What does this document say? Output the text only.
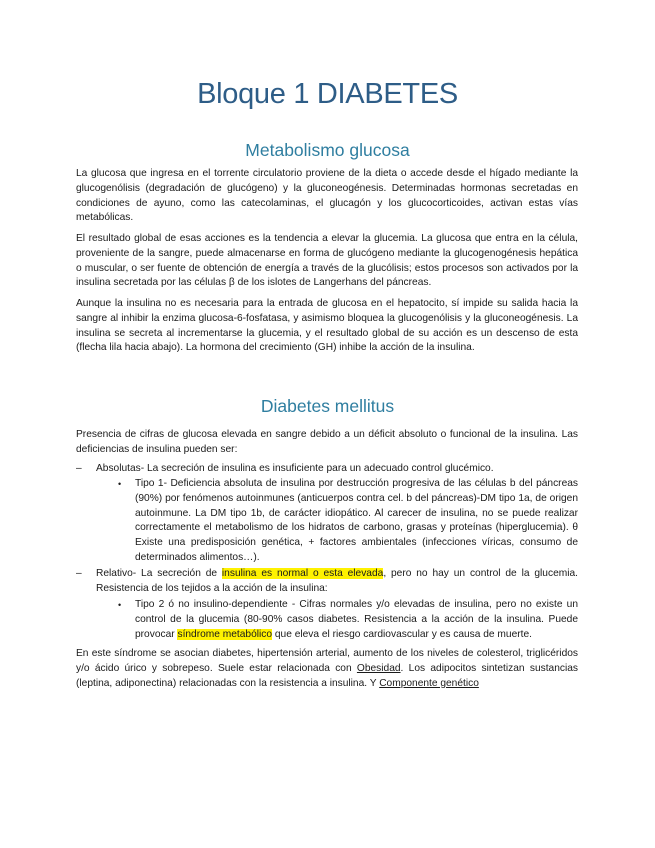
Bloque 1 DIABETES
Metabolismo glucosa

La glucosa que ingresa en el torrente circulatorio proviene de la dieta o accede desde el hígado mediante la glucogenólisis (degradación de glucógeno) y la gluconeogénesis. Determinadas hormonas secretadas en condiciones de ayuno, como las catecolaminas, el glucagón y los glucocorticoides, activan estas vías metabólicas.

El resultado global de esas acciones es la tendencia a elevar la glucemia. La glucosa que entra en la célula, proveniente de la sangre, puede almacenarse en forma de glucógeno mediante la glucogenogénesis hepática o muscular, o ser fuente de obtención de energía a través de la glucólisis; estos procesos son activados por la insulina secretada por las células β de los islotes de Langerhans del páncreas.

Aunque la insulina no es necesaria para la entrada de glucosa en el hepatocito, sí impide su salida hacia la sangre al inhibir la enzima glucosa-6-fosfatasa, y asimismo bloquea la glucogenólisis y la gluconeogénesis. La insulina se secreta al incrementarse la glucemia, y el resultado global de su acción es un descenso de esta (flecha lila hacia abajo). La hormona del crecimiento (GH) inhibe la acción de la insulina.

Diabetes mellitus

Presencia de cifras de glucosa elevada en sangre debido a un déficit absoluto o funcional de la insulina. Las deficiencias de insulina pueden ser:

–	Absolutas- La secreción de insulina es insuficiente para un adecuado control glucémico.
• Tipo 1- Deficiencia absoluta de insulina por destrucción progresiva de las células b del páncreas (90%) por fenómenos autoinmunes (anticuerpos contra cel. b del páncreas)-DM tipo 1a, de origen autoinmune. La DM tipo 1b, de carácter idiopático. Al carecer de insulina, no se puede realizar correctamente el metabolismo de los hidratos de carbono, grasas y proteínas (hiperglucemia). θ Existe una predisposición genética, + factores ambientales (infecciones víricas, consumo de determinados alimentos…).
–	Relativo- La secreción de insulina es normal o esta elevada, pero no hay un control de la glucemia. Resistencia de los tejidos a la acción de la insulina:
• Tipo 2 ó no insulino-dependiente - Cifras normales y/o elevadas de insulina, pero no existe un control de la glucemia (80-90% casos diabetes. Resistencia a la acción de la insulina. Puede provocar síndrome metabólico que eleva el riesgo cardiovascular y es causa de muerte.

En este síndrome se asocian diabetes, hipertensión arterial, aumento de los niveles de colesterol, triglicéridos y/o ácido úrico y sobrepeso. Suele estar relacionada con Obesidad. Los adipocitos sintetizan sustancias (leptina, adiponectina) relacionadas con la resistencia a insulina. Y Componente genético
